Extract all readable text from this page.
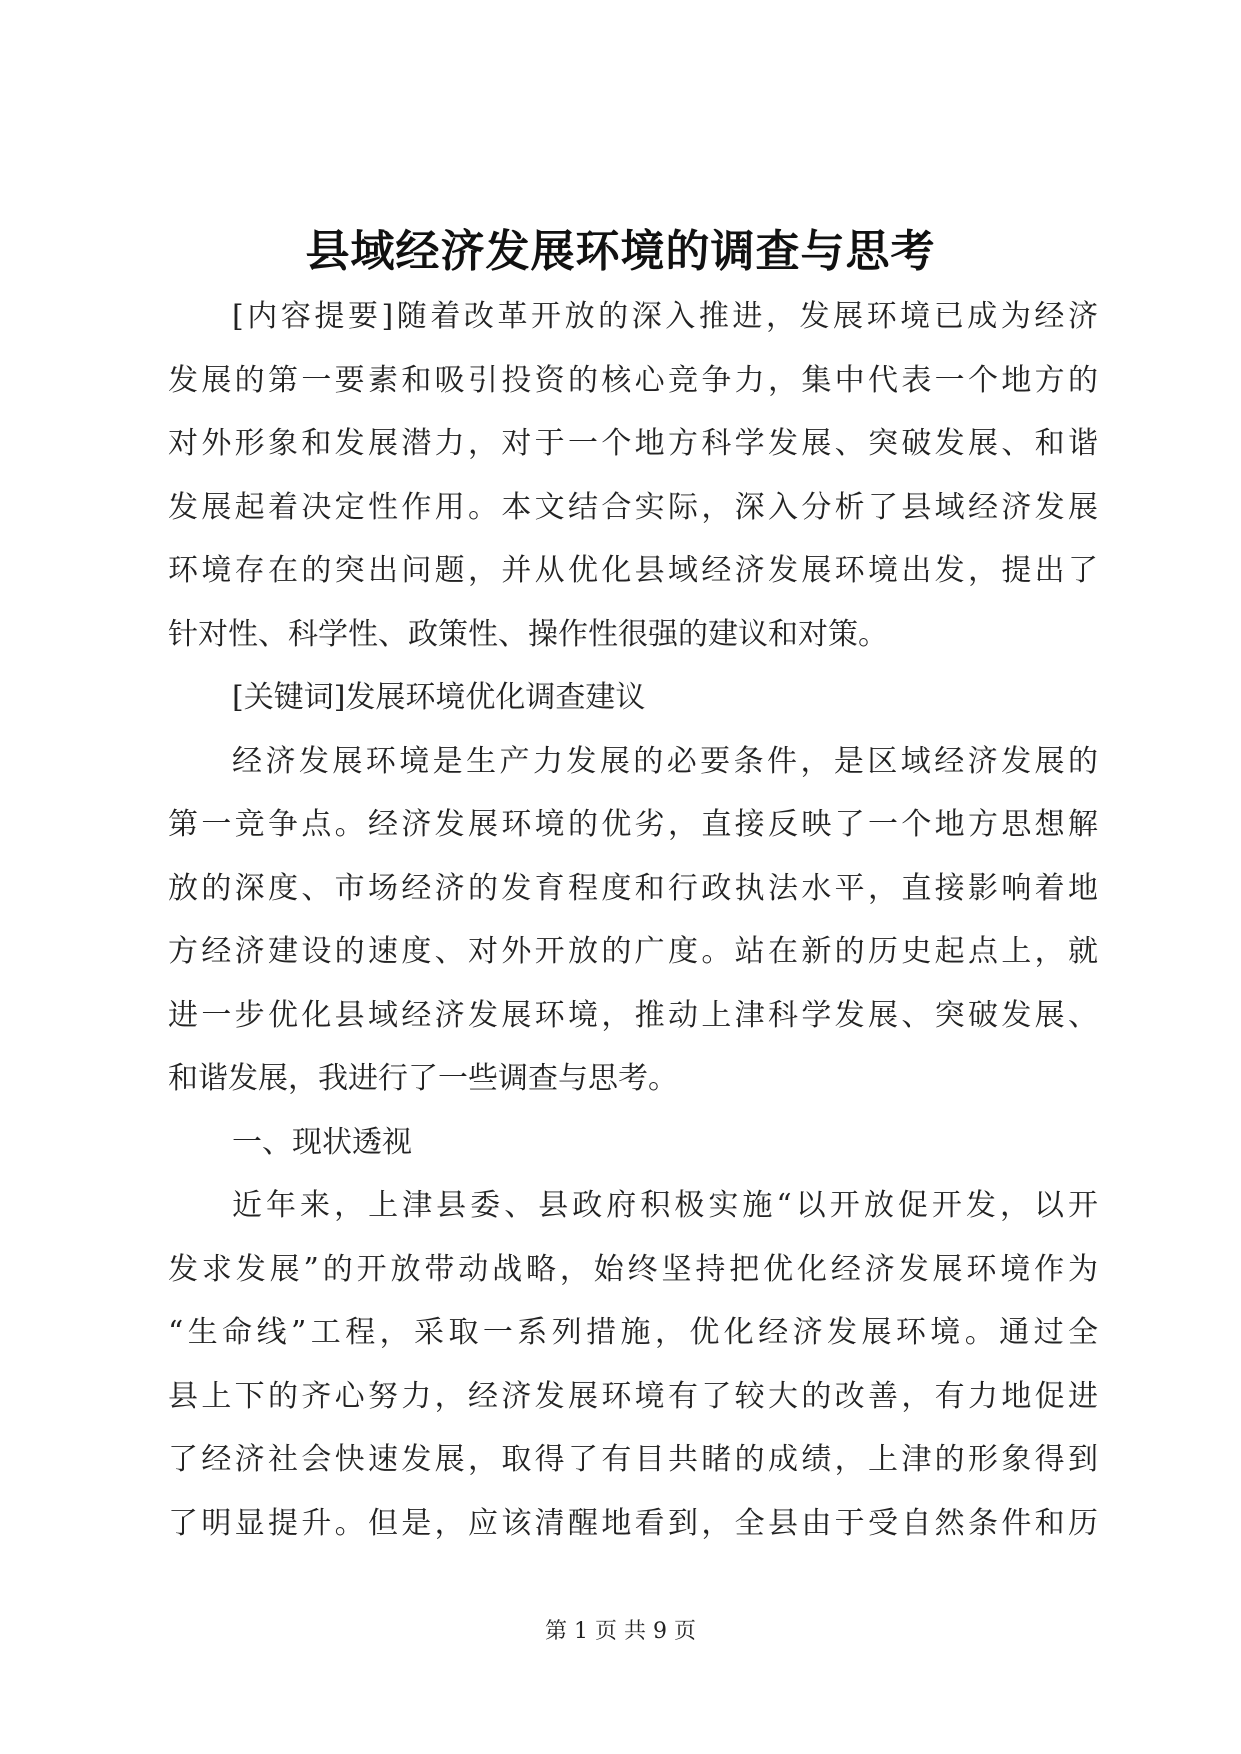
县域经济发展环境的调查与思考
[内容提要]随着改革开放的深入推进，发展环境已成为经济
发展的第一要素和吸引投资的核心竞争力，集中代表一个地方的
对外形象和发展潜力，对于一个地方科学发展、突破发展、和谐
发展起着决定性作用。本文结合实际，深入分析了县域经济发展
环境存在的突出问题，并从优化县域经济发展环境出发，提出了
针对性、科学性、政策性、操作性很强的建议和对策。
[关键词]发展环境优化调查建议
经济发展环境是生产力发展的必要条件，是区域经济发展的
第一竞争点。经济发展环境的优劣，直接反映了一个地方思想解
放的深度、市场经济的发育程度和行政执法水平，直接影响着地
方经济建设的速度、对外开放的广度。站在新的历史起点上，就
进一步优化县域经济发展环境，推动上津科学发展、突破发展、
和谐发展，我进行了一些调查与思考。
一、现状透视
近年来，上津县委、县政府积极实施“以开放促开发，以开
发求发展”的开放带动战略，始终坚持把优化经济发展环境作为
“生命线”工程，采取一系列措施，优化经济发展环境。通过全
县上下的齐心努力，经济发展环境有了较大的改善，有力地促进
了经济社会快速发展，取得了有目共睹的成绩，上津的形象得到
了明显提升。但是，应该清醒地看到，全县由于受自然条件和历
第 1 页 共 9 页
